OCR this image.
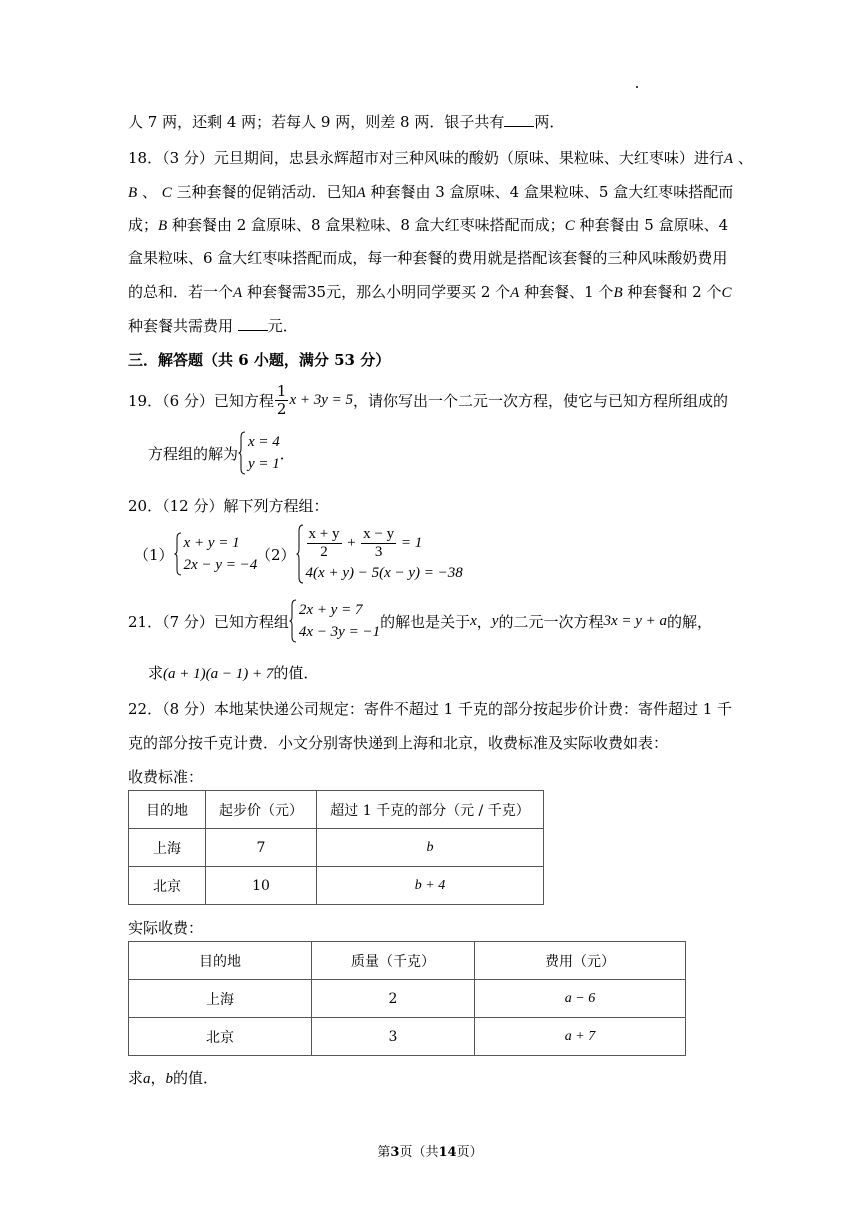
人 7 两，还剩 4 两；若每人 9 两，则差 8 两．银子共有 两．
18．（3 分）元旦期间，忠县永辉超市对三种风味的酸奶（原味、果粒味、大红枣味）进行A 、
B 、 C 三种套餐的促销活动．已知A 种套餐由 3 盒原味、4 盒果粒味、5 盒大红枣味搭配而
成；B 种套餐由 2 盒原味、8 盒果粒味、8 盒大红枣味搭配而成；C 种套餐由 5 盒原味、4
盒果粒味、6 盒大红枣味搭配而成，每一种套餐的费用就是搭配该套餐的三种风味酸奶费用
的总和．若一个A 种套餐需35元，那么小明同学要买 2 个A 种套餐、1 个B 种套餐和 2 个C
种套餐共需费用 元．
三．解答题（共 6 小题，满分 53 分）
19．（6 分）已知方程 $\frac{1}{2}$ x + 3y = 5 ，请你写出一个二元一次方程，使它与已知方程所组成的
方程组的解为
x = 4
y = 1
．
20．（12 分）解下列方程组：
（1）
x + y = 1
2x − y = −4
$(2) \frac{x + y}{2} + \frac{x - y}{3} = 1$
4(x + y) − 5(x − y) = −38
21．（7 分）已知方程组
2x + y = 7
4x − 3y = −1
的解也是关于 x ， y 的二元一次方程 3x = y + a 的解，
求(a + 1)(a − 1) + 7的值．
22．（8 分）本地某快递公司规定：寄件不超过 1 千克的部分按起步价计费：寄件超过 1 千
克的部分按千克计费．小文分别寄快递到上海和北京，收费标准及实际收费如表：
收费标准：
目的地	起步价（元）	超过 1 千克的部分（元 / 千克）
上海	7	b
北京	10	b + 4
实际收费：
目的地	质量（千克）	费用（元）
上海	2	a − 6
北京	3	a + 7
求a，b的值．
第3页（共14页）
